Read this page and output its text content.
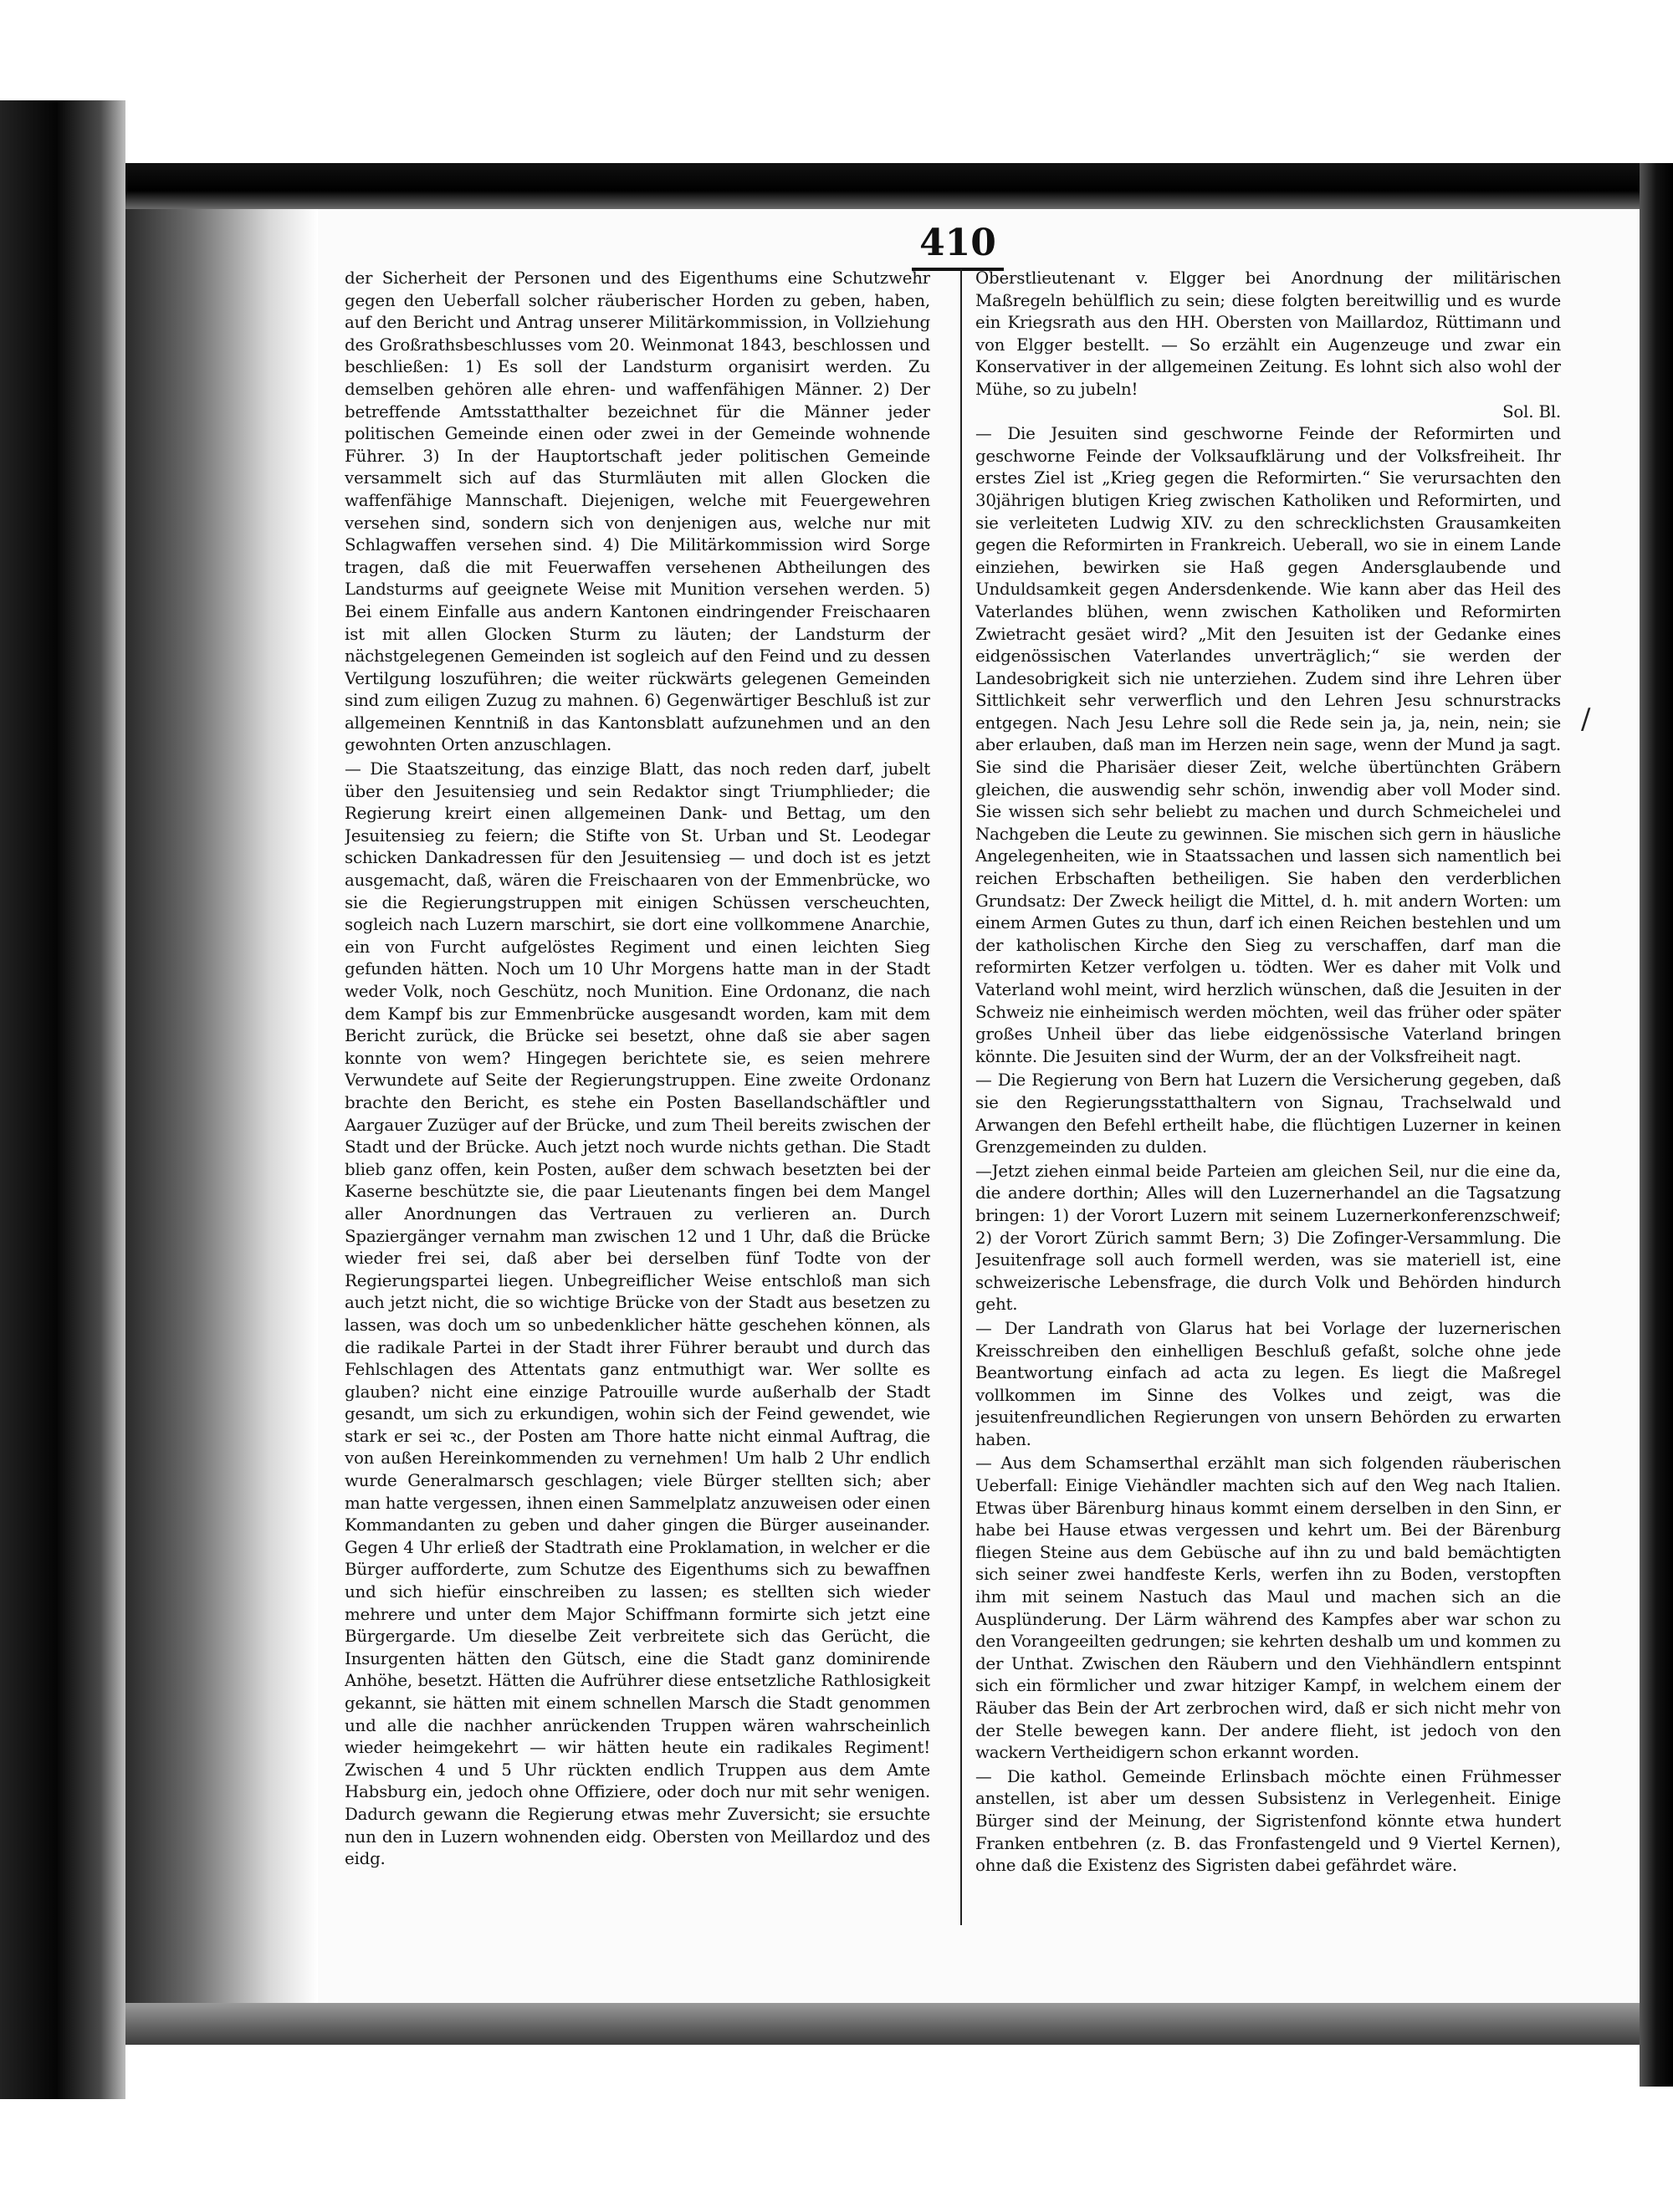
410

der Sicherheit der Personen und des Eigenthums eine Schutzwehr gegen den Ueberfall solcher räuberischer Horden zu geben, haben, auf den Bericht und Antrag unserer Militärkommission, in Vollziehung des Großrathsbeschlusses vom 20. Weinmonat 1843, beschlossen und beschließen: 1) Es soll der Landsturm organisirt werden. Zu demselben gehören alle ehren- und waffenfähigen Männer. 2) Der betreffende Amtsstatthalter bezeichnet für die Männer jeder politischen Gemeinde einen oder zwei in der Gemeinde wohnende Führer. 3) In der Hauptortschaft jeder politischen Gemeinde versammelt sich auf das Sturmläuten mit allen Glocken die waffenfähige Mannschaft. Diejenigen, welche mit Feuergewehren versehen sind, sondern sich von denjenigen aus, welche nur mit Schlagwaffen versehen sind. 4) Die Militärkommission wird Sorge tragen, daß die mit Feuerwaffen versehenen Abtheilungen des Landsturms auf geeignete Weise mit Munition versehen werden. 5) Bei einem Einfalle aus andern Kantonen eindringender Freischaaren ist mit allen Glocken Sturm zu läuten; der Landsturm der nächstgelegenen Gemeinden ist sogleich auf den Feind und zu dessen Vertilgung loszuführen; die weiter rückwärts gelegenen Gemeinden sind zum eiligen Zuzug zu mahnen. 6) Gegenwärtiger Beschluß ist zur allgemeinen Kenntniß in das Kantonsblatt aufzunehmen und an den gewohnten Orten anzuschlagen.

— Die Staatszeitung, das einzige Blatt, das noch reden darf, jubelt über den Jesuitensieg und sein Redaktor singt Triumphlieder; die Regierung kreirt einen allgemeinen Dank- und Bettag, um den Jesuitensieg zu feiern; die Stifte von St. Urban und St. Leodegar schicken Dankadressen für den Jesuitensieg — und doch ist es jetzt ausgemacht, daß, wären die Freischaaren von der Emmenbrücke, wo sie die Regierungstruppen mit einigen Schüssen verscheuchten, sogleich nach Luzern marschirt, sie dort eine vollkommene Anarchie, ein von Furcht aufgelöstes Regiment und einen leichten Sieg gefunden hätten. Noch um 10 Uhr Morgens hatte man in der Stadt weder Volk, noch Geschütz, noch Munition. Eine Ordonanz, die nach dem Kampf bis zur Emmenbrücke ausgesandt worden, kam mit dem Bericht zurück, die Brücke sei besetzt, ohne daß sie aber sagen konnte von wem? Hingegen berichtete sie, es seien mehrere Verwundete auf Seite der Regierungstruppen. Eine zweite Ordonanz brachte den Bericht, es stehe ein Posten Basellandschäftler und Aargauer Zuzüger auf der Brücke, und zum Theil bereits zwischen der Stadt und der Brücke. Auch jetzt noch wurde nichts gethan. Die Stadt blieb ganz offen, kein Posten, außer dem schwach besetzten bei der Kaserne beschützte sie, die paar Lieutenants fingen bei dem Mangel aller Anordnungen das Vertrauen zu verlieren an. Durch Spaziergänger vernahm man zwischen 12 und 1 Uhr, daß die Brücke wieder frei sei, daß aber bei derselben fünf Todte von der Regierungspartei liegen. Unbegreiflicher Weise entschloß man sich auch jetzt nicht, die so wichtige Brücke von der Stadt aus besetzen zu lassen, was doch um so unbedenklicher hätte geschehen können, als die radikale Partei in der Stadt ihrer Führer beraubt und durch das Fehlschlagen des Attentats ganz entmuthigt war. Wer sollte es glauben? nicht eine einzige Patrouille wurde außerhalb der Stadt gesandt, um sich zu erkundigen, wohin sich der Feind gewendet, wie stark er sei ꝛc., der Posten am Thore hatte nicht einmal Auftrag, die von außen Hereinkommenden zu vernehmen! Um halb 2 Uhr endlich wurde Generalmarsch geschlagen; viele Bürger stellten sich; aber man hatte vergessen, ihnen einen Sammelplatz anzuweisen oder einen Kommandanten zu geben und daher gingen die Bürger auseinander. Gegen 4 Uhr erließ der Stadtrath eine Proklamation, in welcher er die Bürger aufforderte, zum Schutze des Eigenthums sich zu bewaffnen und sich hiefür einschreiben zu lassen; es stellten sich wieder mehrere und unter dem Major Schiffmann formirte sich jetzt eine Bürgergarde. Um dieselbe Zeit verbreitete sich das Gerücht, die Insurgenten hätten den Gütsch, eine die Stadt ganz dominirende Anhöhe, besetzt. Hätten die Aufrührer diese entsetzliche Rathlosigkeit gekannt, sie hätten mit einem schnellen Marsch die Stadt genommen und alle die nachher anrückenden Truppen wären wahrscheinlich wieder heimgekehrt — wir hätten heute ein radikales Regiment! Zwischen 4 und 5 Uhr rückten endlich Truppen aus dem Amte Habsburg ein, jedoch ohne Offiziere, oder doch nur mit sehr wenigen. Dadurch gewann die Regierung etwas mehr Zuversicht; sie ersuchte nun den in Luzern wohnenden eidg. Obersten von Meillardoz und des eidg.

Oberstlieutenant v. Elgger bei Anordnung der militärischen Maßregeln behülflich zu sein; diese folgten bereitwillig und es wurde ein Kriegsrath aus den HH. Obersten von Maillardoz, Rüttimann und von Elgger bestellt. — So erzählt ein Augenzeuge und zwar ein Konservativer in der allgemeinen Zeitung. Es lohnt sich also wohl der Mühe, so zu jubeln!

Sol. Bl.

— Die Jesuiten sind geschworne Feinde der Reformirten und geschworne Feinde der Volksaufklärung und der Volksfreiheit. Ihr erstes Ziel ist „Krieg gegen die Reformirten.“ Sie verursachten den 30jährigen blutigen Krieg zwischen Katholiken und Reformirten, und sie verleiteten Ludwig XIV. zu den schrecklichsten Grausamkeiten gegen die Reformirten in Frankreich. Ueberall, wo sie in einem Lande einziehen, bewirken sie Haß gegen Andersglaubende und Unduldsamkeit gegen Andersdenkende. Wie kann aber das Heil des Vaterlandes blühen, wenn zwischen Katholiken und Reformirten Zwietracht gesäet wird? „Mit den Jesuiten ist der Gedanke eines eidgenössischen Vaterlandes unverträglich;“ sie werden der Landesobrigkeit sich nie unterziehen. Zudem sind ihre Lehren über Sittlichkeit sehr verwerflich und den Lehren Jesu schnurstracks entgegen. Nach Jesu Lehre soll die Rede sein ja, ja, nein, nein; sie aber erlauben, daß man im Herzen nein sage, wenn der Mund ja sagt. Sie sind die Pharisäer dieser Zeit, welche übertünchten Gräbern gleichen, die auswendig sehr schön, inwendig aber voll Moder sind. Sie wissen sich sehr beliebt zu machen und durch Schmeichelei und Nachgeben die Leute zu gewinnen. Sie mischen sich gern in häusliche Angelegenheiten, wie in Staatssachen und lassen sich namentlich bei reichen Erbschaften betheiligen. Sie haben den verderblichen Grundsatz: Der Zweck heiligt die Mittel, d. h. mit andern Worten: um einem Armen Gutes zu thun, darf ich einen Reichen bestehlen und um der katholischen Kirche den Sieg zu verschaffen, darf man die reformirten Ketzer verfolgen u. tödten. Wer es daher mit Volk und Vaterland wohl meint, wird herzlich wünschen, daß die Jesuiten in der Schweiz nie einheimisch werden möchten, weil das früher oder später großes Unheil über das liebe eidgenössische Vaterland bringen könnte. Die Jesuiten sind der Wurm, der an der Volksfreiheit nagt.

— Die Regierung von Bern hat Luzern die Versicherung gegeben, daß sie den Regierungsstatthaltern von Signau, Trachselwald und Arwangen den Befehl ertheilt habe, die flüchtigen Luzerner in keinen Grenzgemeinden zu dulden.

—Jetzt ziehen einmal beide Parteien am gleichen Seil, nur die eine da, die andere dorthin; Alles will den Luzernerhandel an die Tagsatzung bringen: 1) der Vorort Luzern mit seinem Luzernerkonferenzschweif; 2) der Vorort Zürich sammt Bern; 3) Die Zofinger-Versammlung. Die Jesuitenfrage soll auch formell werden, was sie materiell ist, eine schweizerische Lebensfrage, die durch Volk und Behörden hindurch geht.

— Der Landrath von Glarus hat bei Vorlage der luzernerischen Kreisschreiben den einhelligen Beschluß gefaßt, solche ohne jede Beantwortung einfach ad acta zu legen. Es liegt die Maßregel vollkommen im Sinne des Volkes und zeigt, was die jesuitenfreundlichen Regierungen von unsern Behörden zu erwarten haben.

— Aus dem Schamserthal erzählt man sich folgenden räuberischen Ueberfall: Einige Viehändler machten sich auf den Weg nach Italien. Etwas über Bärenburg hinaus kommt einem derselben in den Sinn, er habe bei Hause etwas vergessen und kehrt um. Bei der Bärenburg fliegen Steine aus dem Gebüsche auf ihn zu und bald bemächtigten sich seiner zwei handfeste Kerls, werfen ihn zu Boden, verstopften ihm mit seinem Nastuch das Maul und machen sich an die Ausplünderung. Der Lärm während des Kampfes aber war schon zu den Vorangeeilten gedrungen; sie kehrten deshalb um und kommen zu der Unthat. Zwischen den Räubern und den Viehhändlern entspinnt sich ein förmlicher und zwar hitziger Kampf, in welchem einem der Räuber das Bein der Art zerbrochen wird, daß er sich nicht mehr von der Stelle bewegen kann. Der andere flieht, ist jedoch von den wackern Vertheidigern schon erkannt worden.

— Die kathol. Gemeinde Erlinsbach möchte einen Frühmesser anstellen, ist aber um dessen Subsistenz in Verlegenheit. Einige Bürger sind der Meinung, der Sigristenfond könnte etwa hundert Franken entbehren (z. B. das Fronfastengeld und 9 Viertel Kernen), ohne daß die Existenz des Sigristen dabei gefährdet wäre.

/
